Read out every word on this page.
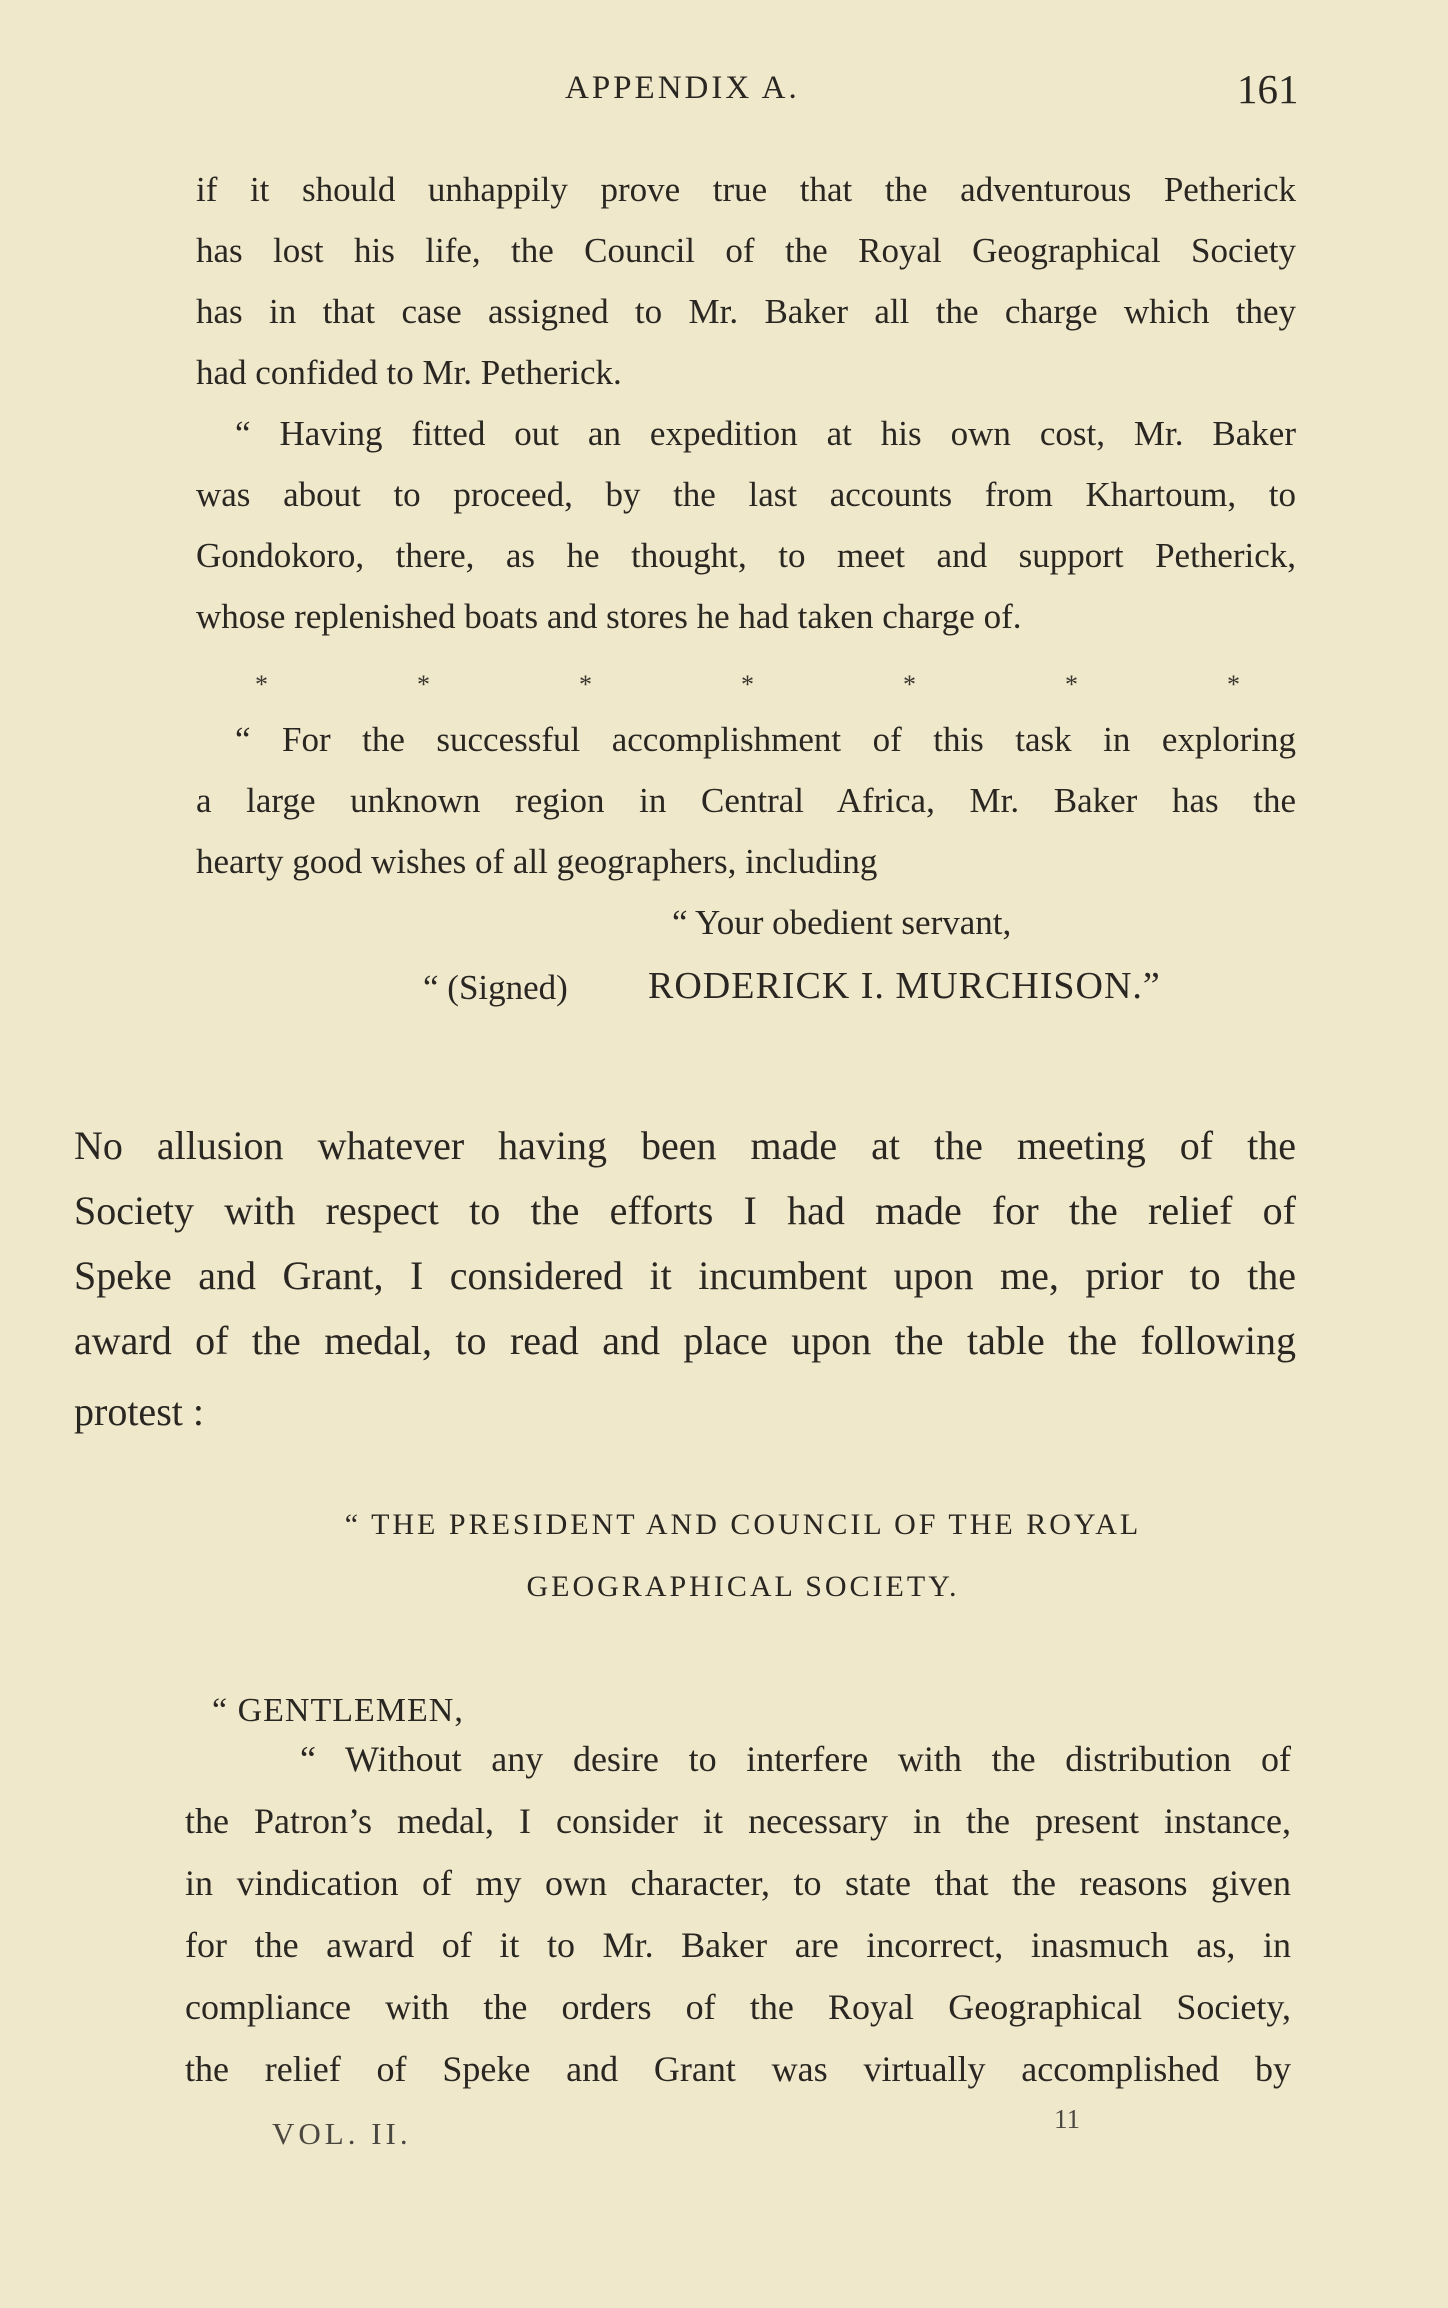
APPENDIX A.	161
if it should unhappily prove true that the adventurous Petherick
has lost his life, the Council of the Royal Geographical Society
has in that case assigned to Mr. Baker all the charge which they
had confided to Mr. Petherick.
“ Having fitted out an expedition at his own cost, Mr. Baker
was about to proceed, by the last accounts from Khartoum, to
Gondokoro, there, as he thought, to meet and support Petherick,
whose replenished boats and stores he had taken charge of.
*	*	*	*	*	*	*
“ For the successful accomplishment of this task in exploring
a large unknown region in Central Africa, Mr. Baker has the
hearty good wishes of all geographers, including
“ Your obedient servant,
“ (Signed) RODERICK I. MURCHISON.”
No allusion whatever having been made at the meeting of the
Society with respect to the efforts I had made for the relief of
Speke and Grant, I considered it incumbent upon me, prior to the
award of the medal, to read and place upon the table the following
protest :
“ THE PRESIDENT AND COUNCIL OF THE ROYAL
GEOGRAPHICAL SOCIETY.
“ GENTLEMEN,
“ Without any desire to interfere with the distribution of
the Patron’s medal, I consider it necessary in the present instance,
in vindication of my own character, to state that the reasons given
for the award of it to Mr. Baker are incorrect, inasmuch as, in
compliance with the orders of the Royal Geographical Society,
the relief of Speke and Grant was virtually accomplished by
VOL. II.	11
